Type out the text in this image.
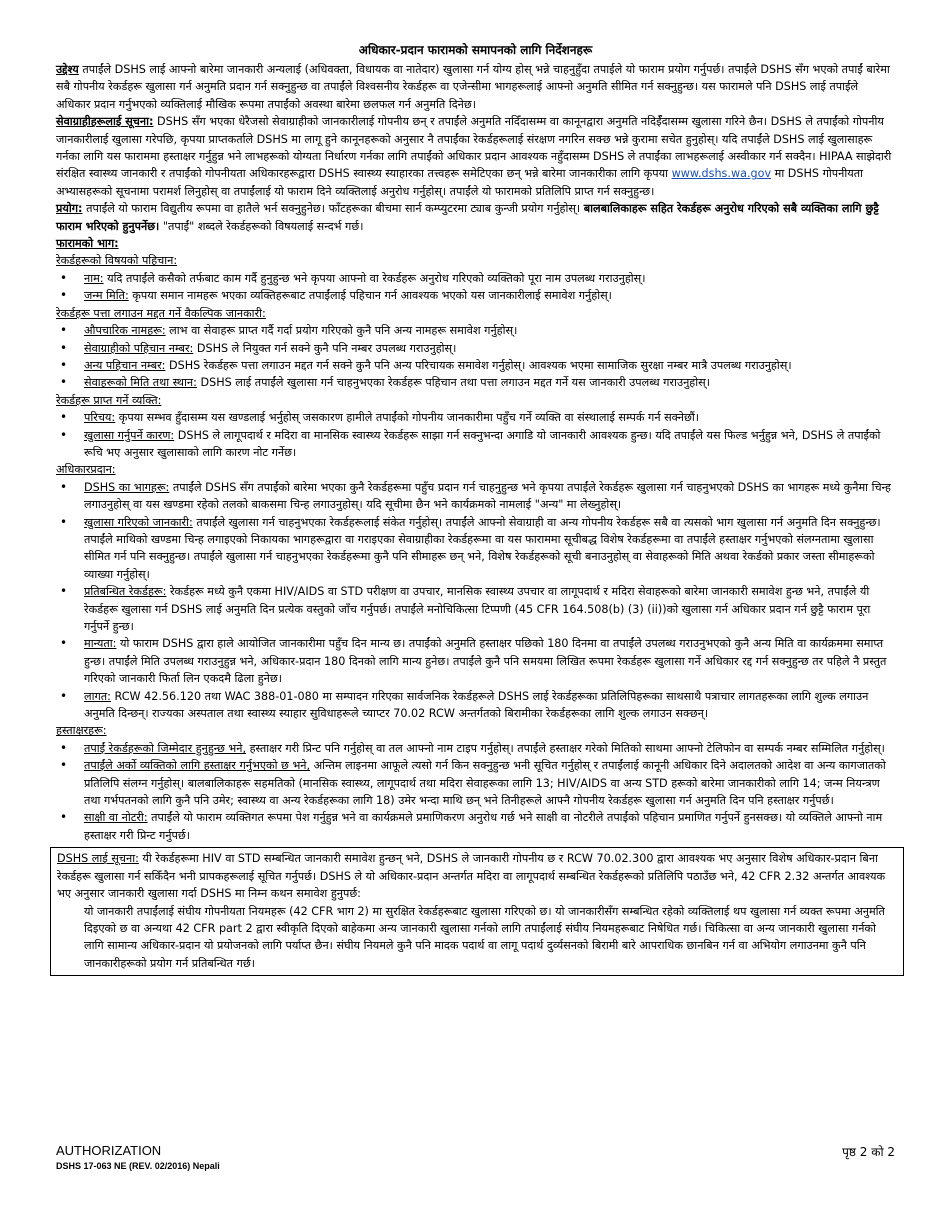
अधिकार-प्रदान फारामको समापनको लागि निर्देशनहरू

उद्देश्य तपाईंले DSHS लाई आफ्नो बारेमा जानकारी अन्यलाई (अधिवक्ता, विधायक वा नातेदार) खुलासा गर्न योग्य होस् भन्ने चाहनुहुँदा तपाईले यो फाराम प्रयोग गर्नुपर्छ। तपाईंले DSHS सँग भएको तपाईं बारेमा सबै गोपनीय रेकर्डहरू खुलासा गर्न अनुमति प्रदान गर्न सक्नुहुन्छ वा तपाईंले विश्वसनीय रेकर्डहरू वा एजेन्सीमा भागहरूलाई आफ्नो अनुमति सीमित गर्न सक्नुहुन्छ। यस फारामले पनि DSHS लाई तपाईले अधिकार प्रदान गर्नुभएको व्यक्तिलाई मौखिक रूपमा तपाईंको अवस्था बारेमा छलफल गर्न अनुमति दिनेछ।

सेवाग्राहीहरूलाई सूचना: DSHS सँग भएका धेरैजसो सेवाग्राहीको जानकारीलाई गोपनीय छन् र तपाईंले अनुमति नदिँदासम्म वा कानूनद्वारा अनुमति नदिईँदासम्म खुलासा गरिने छैन। DSHS ले तपाईंको गोपनीय जानकारीलाई खुलासा गरेपछि, कृपया प्राप्तकर्ताले DSHS मा लागू हुने कानूनहरूको अनुसार नै तपाईंका रेकर्डहरूलाई संरक्षण नगरिन सक्छ भन्ने कुरामा सचेत हुनुहोस्। यदि तपाईंले DSHS लाई खुलासाहरू गर्नका लागि यस फाराममा हस्ताक्षर गर्नुहुन्न भने लाभहरूको योग्यता निर्धारण गर्नका लागि तपाईंको अधिकार प्रदान आवश्यक नहुँदासम्म DSHS ले तपाईंका लाभहरूलाई अस्वीकार गर्न सक्दैन। HIPAA साझेदारी संरक्षित स्वास्थ्य जानकारी र तपाईंको गोपनीयता अधिकारहरूद्वारा DSHS स्वास्थ्य स्याहारका तत्त्वहरू समेटिएका छन् भन्ने बारेमा जानकारीका लागि कृपया www.dshs.wa.gov मा DSHS गोपनीयता अभ्यासहरूको सूचनामा परामर्श लिनुहोस् वा तपाईंलाई यो फाराम दिने व्यक्तिलाई अनुरोध गर्नुहोस्। तपाईंले यो फारामको प्रतिलिपि प्राप्त गर्न सक्नुहुन्छ।

प्रयोग: तपाईंले यो फाराम विद्युतीय रूपमा वा हातैले भर्न सक्नुहुनेछ। फाँटहरूका बीचमा सार्न कम्प्युटरमा ट्याब कुन्जी प्रयोग गर्नुहोस्। बालबालिकाहरू सहित रेकर्डहरू अनुरोध गरिएको सबै व्यक्तिका लागि छुट्टै फाराम भरिएको हुनुपर्नेछ। "तपाईं" शब्दले रेकर्डहरूको विषयलाई सन्दर्भ गर्छ।

फारामको भाग:

रेकर्डहरूको विषयको पहिचान:

• नाम: यदि तपाईंले कसैको तर्फबाट काम गर्दै हुनुहुन्छ भने कृपया आफ्नो वा रेकर्डहरू अनुरोध गरिएको व्यक्तिको पूरा नाम उपलब्ध गराउनुहोस्।
• जन्म मिति: कृपया समान नामहरू भएका व्यक्तिहरूबाट तपाईंलाई पहिचान गर्न आवश्यक भएको यस जानकारीलाई समावेश गर्नुहोस्।

रेकर्डहरू पत्ता लगाउन मद्दत गर्ने वैकल्पिक जानकारी:

• औपचारिक नामहरू: लाभ वा सेवाहरू प्राप्त गर्दै गर्दा प्रयोग गरिएको कुनै पनि अन्य नामहरू समावेश गर्नुहोस्।
• सेवाग्राहीको पहिचान नम्बर: DSHS ले नियुक्त गर्न सक्ने कुनै पनि नम्बर उपलब्ध गराउनुहोस्।
• अन्य पहिचान नम्बर: DSHS रेकर्डहरू पत्ता लगाउन मद्दत गर्न सक्ने कुनै पनि अन्य परिचायक समावेश गर्नुहोस्। आवश्यक भएमा सामाजिक सुरक्षा नम्बर मात्रै उपलब्ध गराउनुहोस्।
• सेवाहरूको मिति तथा स्थान: DSHS लाई तपाईंले खुलासा गर्न चाहनुभएका रेकर्डहरू पहिचान तथा पत्ता लगाउन मद्दत गर्ने यस जानकारी उपलब्ध गराउनुहोस्।

रेकर्डहरू प्राप्त गर्ने व्यक्ति:

• परिचय: कृपया सम्भव हुँदासम्म यस खण्डलाई भर्नुहोस् जसकारण हामीले तपाईंको गोपनीय जानकारीमा पहुँच गर्ने व्यक्ति वा संस्थालाई सम्पर्क गर्न सक्नेछौं।
• खुलासा गर्नुपर्ने कारण: DSHS ले लागूपदार्थ र मदिरा वा मानसिक स्वास्थ्य रेकर्डहरू साझा गर्न सक्नुभन्दा अगाडि यो जानकारी आवश्यक हुन्छ। यदि तपाईंले यस फिल्ड भर्नुहुन्न भने, DSHS ले तपाईंको रूचि भए अनुसार खुलासाको लागि कारण नोट गर्नेछ।

अधिकारप्रदान:

• DSHS का भागहरू: तपाईंले DSHS सँग तपाईंको बारेमा भएका कुनै रेकर्डहरूमा पहुँच प्रदान गर्न चाहनुहुन्छ भने कृपया तपाईंले रेकर्डहरू खुलासा गर्न चाहनुभएको DSHS का भागहरू मध्ये कुनैमा चिन्ह लगाउनुहोस् वा यस खण्डमा रहेको तलको बाकसमा चिन्ह लगाउनुहोस्। यदि सूचीमा छैन भने कार्यक्रमको नामलाई "अन्य" मा लेख्नुहोस्।
• खुलासा गरिएको जानकारी: तपाईंले खुलासा गर्न चाहनुभएका रेकर्डहरूलाई संकेत गर्नुहोस्। तपाईंले आफ्नो सेवाग्राही वा अन्य गोपनीय रेकर्डहरू सबै वा त्यसको भाग खुलासा गर्न अनुमति दिन सक्नुहुन्छ। तपाईंले माथिको खण्डमा चिन्ह लगाइएको निकायका भागहरूद्वारा वा गराइएका सेवाग्राहीका रेकर्डहरूमा वा यस फाराममा सूचीबद्ध विशेष रेकर्डहरूमा वा तपाईंले हस्ताक्षर गर्नुभएको संलग्नतामा खुलासा सीमित गर्न पनि सक्नुहुन्छ। तपाईंले खुलासा गर्न चाहनुभएका रेकर्डहरूमा कुनै पनि सीमाहरू छन् भने, विशेष रेकर्डहरूको सूची बनाउनुहोस् वा सेवाहरूको मिति अथवा रेकर्डको प्रकार जस्ता सीमाहरूको व्याख्या गर्नुहोस्।
• प्रतिबन्धित रेकर्डहरू: रेकर्डहरू मध्ये कुनै एकमा HIV/AIDS वा STD परीक्षण वा उपचार, मानसिक स्वास्थ्य उपचार वा लागूपदार्थ र मदिरा सेवाहरूको बारेमा जानकारी समावेश हुन्छ भने, तपाईंले यी रेकर्डहरू खुलासा गर्न DSHS लाई अनुमति दिन प्रत्येक वस्तुको जाँच गर्नुपर्छ। तपाईंले मनोचिकित्सा टिप्पणी (45 CFR 164.508(b) (3) (ii))को खुलासा गर्न अधिकार प्रदान गर्न छुट्टै फाराम पूरा गर्नुपर्ने हुन्छ।
• मान्यता: यो फाराम DSHS द्वारा हाले आयोजित जानकारीमा पहुँच दिन मान्य छ। तपाईंको अनुमति हस्ताक्षर पछिको 180 दिनमा वा तपाईंले उपलब्ध गराउनुभएको कुनै अन्य मिति वा कार्यक्रममा समाप्त हुन्छ। तपाईंले मिति उपलब्ध गराउनुहुन्न भने, अधिकार-प्रदान 180 दिनको लागि मान्य हुनेछ। तपाईंले कुनै पनि समयमा लिखित रूपमा रेकर्डहरू खुलासा गर्ने अधिकार रद्द गर्न सक्नुहुन्छ तर पहिले नै प्रस्तुत गरिएको जानकारी फिर्ता लिन एकदमै ढिला हुनेछ।
• लागत: RCW 42.56.120 तथा WAC 388-01-080 मा सम्पादन गरिएका सार्वजनिक रेकर्डहरूले DSHS लाई रेकर्डहरूका प्रतिलिपिहरूका साथसाथै पत्राचार लागतहरूका लागि शुल्क लगाउन अनुमति दिन्छन्। राज्यका अस्पताल तथा स्वास्थ्य स्याहार सुविधाहरूले च्याप्टर 70.02 RCW अन्तर्गतको बिरामीका रेकर्डहरूका लागि शुल्क लगाउन सक्छन्।

हस्ताक्षरहरू:

• तपाईं रेकर्डहरूको जिम्मेदार हुनुहुन्छ भने, हस्ताक्षर गरी प्रिन्ट पनि गर्नुहोस् वा तल आफ्नो नाम टाइप गर्नुहोस्। तपाईंले हस्ताक्षर गरेको मितिको साथमा आफ्नो टेलिफोन वा सम्पर्क नम्बर सम्मिलित गर्नुहोस्।
• तपाईंले अर्को व्यक्तिको लागि हस्ताक्षर गर्नुभएको छ भने, अन्तिम लाइनमा आफूले त्यसो गर्न किन सक्नुहुन्छ भनी सूचित गर्नुहोस् र तपाईंलाई कानूनी अधिकार दिने अदालतको आदेश वा अन्य कागजातको प्रतिलिपि संलग्न गर्नुहोस्। बालबालिकाहरू सहमतिको (मानसिक स्वास्थ्य, लागूपदार्थ तथा मदिरा सेवाहरूका लागि 13; HIV/AIDS वा अन्य STD हरूको बारेमा जानकारीको लागि 14; जन्म नियन्त्रण तथा गर्भपतनको लागि कुनै पनि उमेर; स्वास्थ्य वा अन्य रेकर्डहरूका लागि 18) उमेर भन्दा माथि छन् भने तिनीहरूले आफ्नै गोपनीय रेकर्डहरू खुलासा गर्न अनुमति दिन पनि हस्ताक्षर गर्नुपर्छ।
• साक्षी वा नोटरी: तपाईंले यो फाराम व्यक्तिगत रूपमा पेश गर्नुहुन्न भने वा कार्यक्रमले प्रमाणिकरण अनुरोध गर्छ भने साक्षी वा नोटरीले तपाईंको पहिचान प्रमाणित गर्नुपर्ने हुनसक्छ। यो व्यक्तिले आफ्नो नाम हस्ताक्षर गरी प्रिन्ट गर्नुपर्छ।

DSHS लाई सूचना: यी रेकर्डहरूमा HIV वा STD सम्बन्धित जानकारी समावेश हुन्छन् भने, DSHS ले जानकारी गोपनीय छ र RCW 70.02.300 द्वारा आवश्यक भए अनुसार विशेष अधिकार-प्रदान बिना रेकर्डहरू खुलासा गर्न सकिँदैन भनी प्रापकहरूलाई सूचित गर्नुपर्छ। DSHS ले यो अधिकार-प्रदान अन्तर्गत मदिरा वा लागूपदार्थ सम्बन्धित रेकर्डहरूको प्रतिलिपि पठाउँछ भने, 42 CFR 2.32 अन्तर्गत आवश्यक भए अनुसार जानकारी खुलासा गर्दा DSHS मा निम्न कथन समावेश हुनुपर्छ:

यो जानकारी तपाईंलाई संघीय गोपनीयता नियमहरू (42 CFR भाग 2) मा सुरक्षित रेकर्डहरूबाट खुलासा गरिएको छ। यो जानकारीसँग सम्बन्धित रहेको व्यक्तिलाई थप खुलासा गर्न व्यक्त रूपमा अनुमति दिइएको छ वा अन्यथा 42 CFR part 2 द्वारा स्वीकृति दिएको बाहेकमा अन्य जानकारी खुलासा गर्नको लागि तपाईंलाई संघीय नियमहरूबाट निषेधित गर्छ। चिकित्सा वा अन्य जानकारी खुलासा गर्नको लागि सामान्य अधिकार-प्रदान यो प्रयोजनको लागि पर्याप्त छैन। संघीय नियमले कुनै पनि मादक पदार्थ वा लागू पदार्थ दुर्व्यसनको बिरामी बारे आपराधिक छानबिन गर्न वा अभियोग लगाउनमा कुनै पनि जानकारीहरूको प्रयोग गर्न प्रतिबन्धित गर्छ।

AUTHORIZATION	पृष्ठ 2 को 2
DSHS 17-063 NE (REV. 02/2016) Nepali
